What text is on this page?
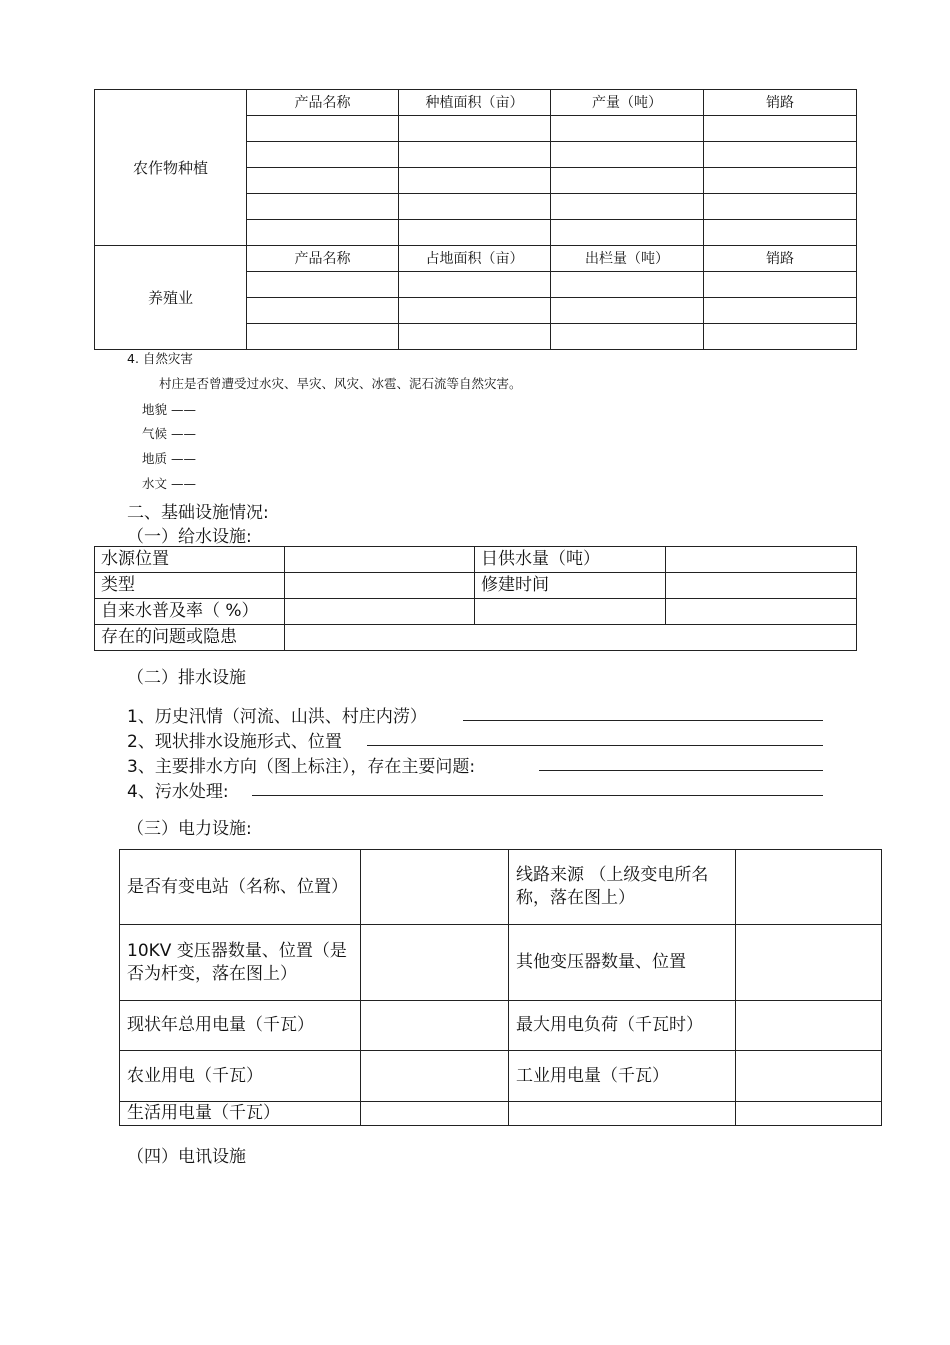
农作物种植	产品名称	种植面积（亩）	产量（吨）	销路

养殖业	产品名称	占地面积（亩）	出栏量（吨）	销路

4. 自然灾害
村庄是否曾遭受过水灾、旱灾、风灾、冰雹、泥石流等自然灾害。
地貌 ——
气候 ——
地质 ——
水文 ——
二、基础设施情况:
（一）给水设施:
水源位置		日供水量（吨）	
类型		修建时间	
自来水普及率（ %）			
存在的问题或隐患			
（二）排水设施
1、历史汛情（河流、山洪、村庄内涝）
2、现状排水设施形式、位置
3、主要排水方向（图上标注），存在主要问题:
4、污水处理:
（三）电力设施:
是否有变电站（名称、位置）		线路来源 （上级变电所名称，落在图上）	
10KV 变压器数量、位置（是否为杆变，落在图上）		其他变压器数量、位置	
现状年总用电量（千瓦）		最大用电负荷（千瓦时）	
农业用电（千瓦）		工业用电量（千瓦）	
生活用电量（千瓦）			
（四）电讯设施
